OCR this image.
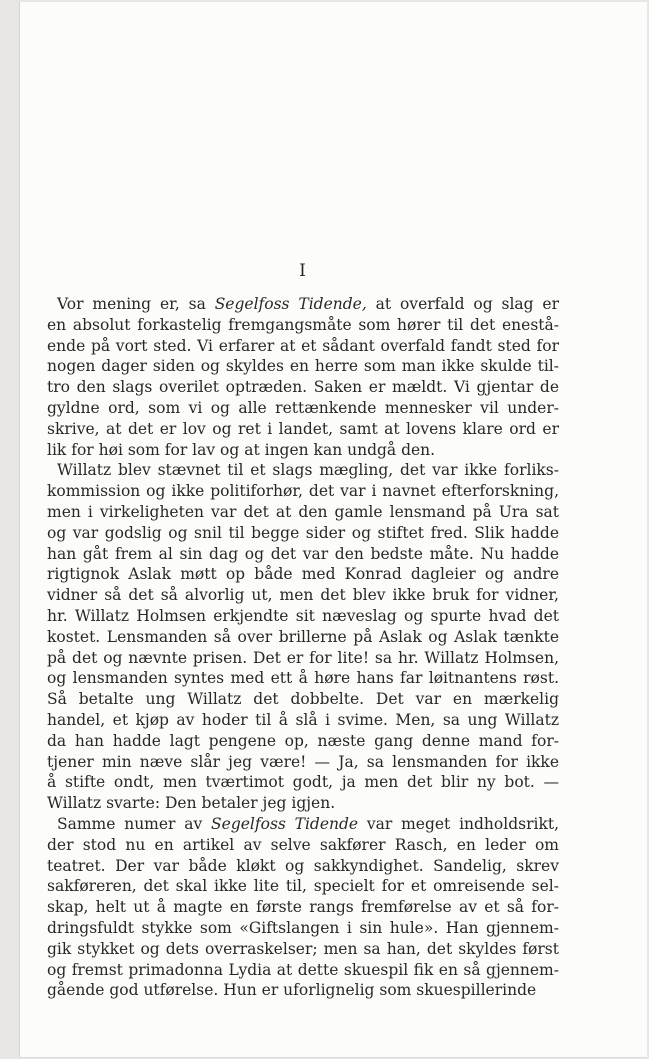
I
Vor mening er, sa Segelfoss Tidende, at overfald og slag er
en absolut forkastelig fremgangsmåte som hører til det enestå-
ende på vort sted. Vi erfarer at et sådant overfald fandt sted for
nogen dager siden og skyldes en herre som man ikke skulde til-
tro den slags overilet optræden. Saken er mældt. Vi gjentar de
gyldne ord, som vi og alle rettænkende mennesker vil under-
skrive, at det er lov og ret i landet, samt at lovens klare ord er
lik for høi som for lav og at ingen kan undgå den.
Willatz blev stævnet til et slags mægling, det var ikke forliks-
kommission og ikke politiforhør, det var i navnet efterforskning,
men i virkeligheten var det at den gamle lensmand på Ura sat
og var godslig og snil til begge sider og stiftet fred. Slik hadde
han gåt frem al sin dag og det var den bedste måte. Nu hadde
rigtignok Aslak møtt op både med Konrad dagleier og andre
vidner så det så alvorlig ut, men det blev ikke bruk for vidner,
hr. Willatz Holmsen erkjendte sit næveslag og spurte hvad det
kostet. Lensmanden så over brillerne på Aslak og Aslak tænkte
på det og nævnte prisen. Det er for lite! sa hr. Willatz Holmsen,
og lensmanden syntes med ett å høre hans far løitnantens røst.
Så betalte ung Willatz det dobbelte. Det var en mærkelig
handel, et kjøp av hoder til å slå i svime. Men, sa ung Willatz
da han hadde lagt pengene op, næste gang denne mand for-
tjener min næve slår jeg være! — Ja, sa lensmanden for ikke
å stifte ondt, men tværtimot godt, ja men det blir ny bot. —
Willatz svarte: Den betaler jeg igjen.
Samme numer av Segelfoss Tidende var meget indholdsrikt,
der stod nu en artikel av selve sakfører Rasch, en leder om
teatret. Der var både kløkt og sakkyndighet. Sandelig, skrev
sakføreren, det skal ikke lite til, specielt for et omreisende sel-
skap, helt ut å magte en første rangs fremførelse av et så for-
dringsfuldt stykke som «Giftslangen i sin hule». Han gjennem-
gik stykket og dets overraskelser; men sa han, det skyldes først
og fremst primadonna Lydia at dette skuespil fik en så gjennem-
gående god utførelse. Hun er uforlignelig som skuespillerinde
